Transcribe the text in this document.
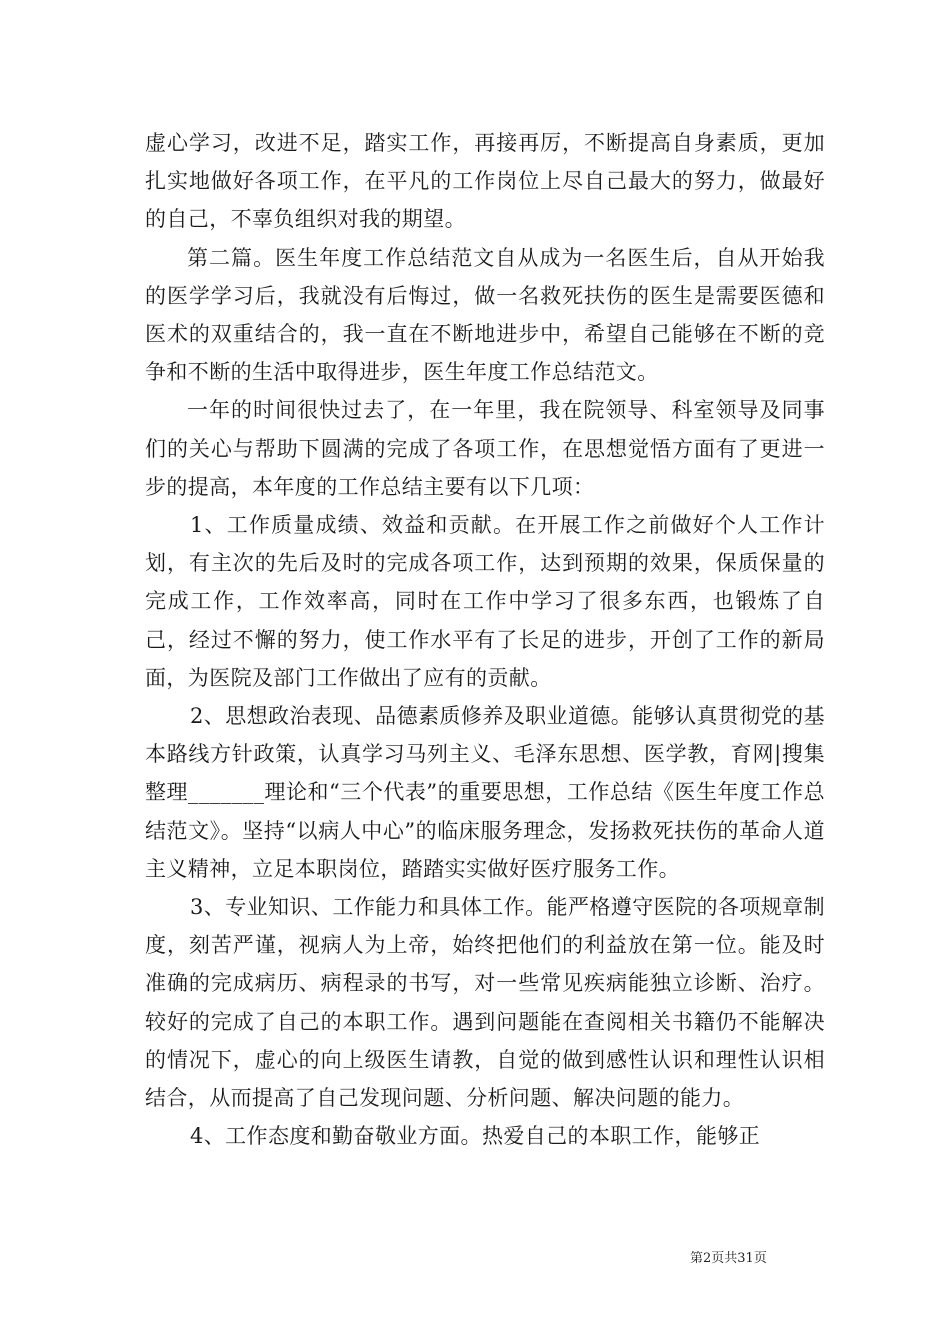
虚心学习，改进不足，踏实工作，再接再厉，不断提高自身素质，更加扎实地做好各项工作，在平凡的工作岗位上尽自己最大的努力，做最好的自己，不辜负组织对我的期望。

第二篇。医生年度工作总结范文自从成为一名医生后，自从开始我的医学学习后，我就没有后悔过，做一名救死扶伤的医生是需要医德和医术的双重结合的，我一直在不断地进步中，希望自己能够在不断的竞争和不断的生活中取得进步，医生年度工作总结范文。

一年的时间很快过去了，在一年里，我在院领导、科室领导及同事们的关心与帮助下圆满的完成了各项工作，在思想觉悟方面有了更进一步的提高，本年度的工作总结主要有以下几项：

1、工作质量成绩、效益和贡献。在开展工作之前做好个人工作计划，有主次的先后及时的完成各项工作，达到预期的效果，保质保量的完成工作，工作效率高，同时在工作中学习了很多东西，也锻炼了自己，经过不懈的努力，使工作水平有了长足的进步，开创了工作的新局面，为医院及部门工作做出了应有的贡献。

2、思想政治表现、品德素质修养及职业道德。能够认真贯彻党的基本路线方针政策，认真学习马列主义、毛泽东思想、医学教，育网|搜集整理_______理论和“三个代表”的重要思想，工作总结《医生年度工作总结范文》。坚持“以病人中心”的临床服务理念，发扬救死扶伤的革命人道主义精神，立足本职岗位，踏踏实实做好医疗服务工作。

3、专业知识、工作能力和具体工作。能严格遵守医院的各项规章制度，刻苦严谨，视病人为上帝，始终把他们的利益放在第一位。能及时准确的完成病历、病程录的书写，对一些常见疾病能独立诊断、治疗。较好的完成了自己的本职工作。遇到问题能在查阅相关书籍仍不能解决的情况下，虚心的向上级医生请教，自觉的做到感性认识和理性认识相结合，从而提高了自己发现问题、分析问题、解决问题的能力。

4、工作态度和勤奋敬业方面。热爱自己的本职工作，能够正

第2页共31页
